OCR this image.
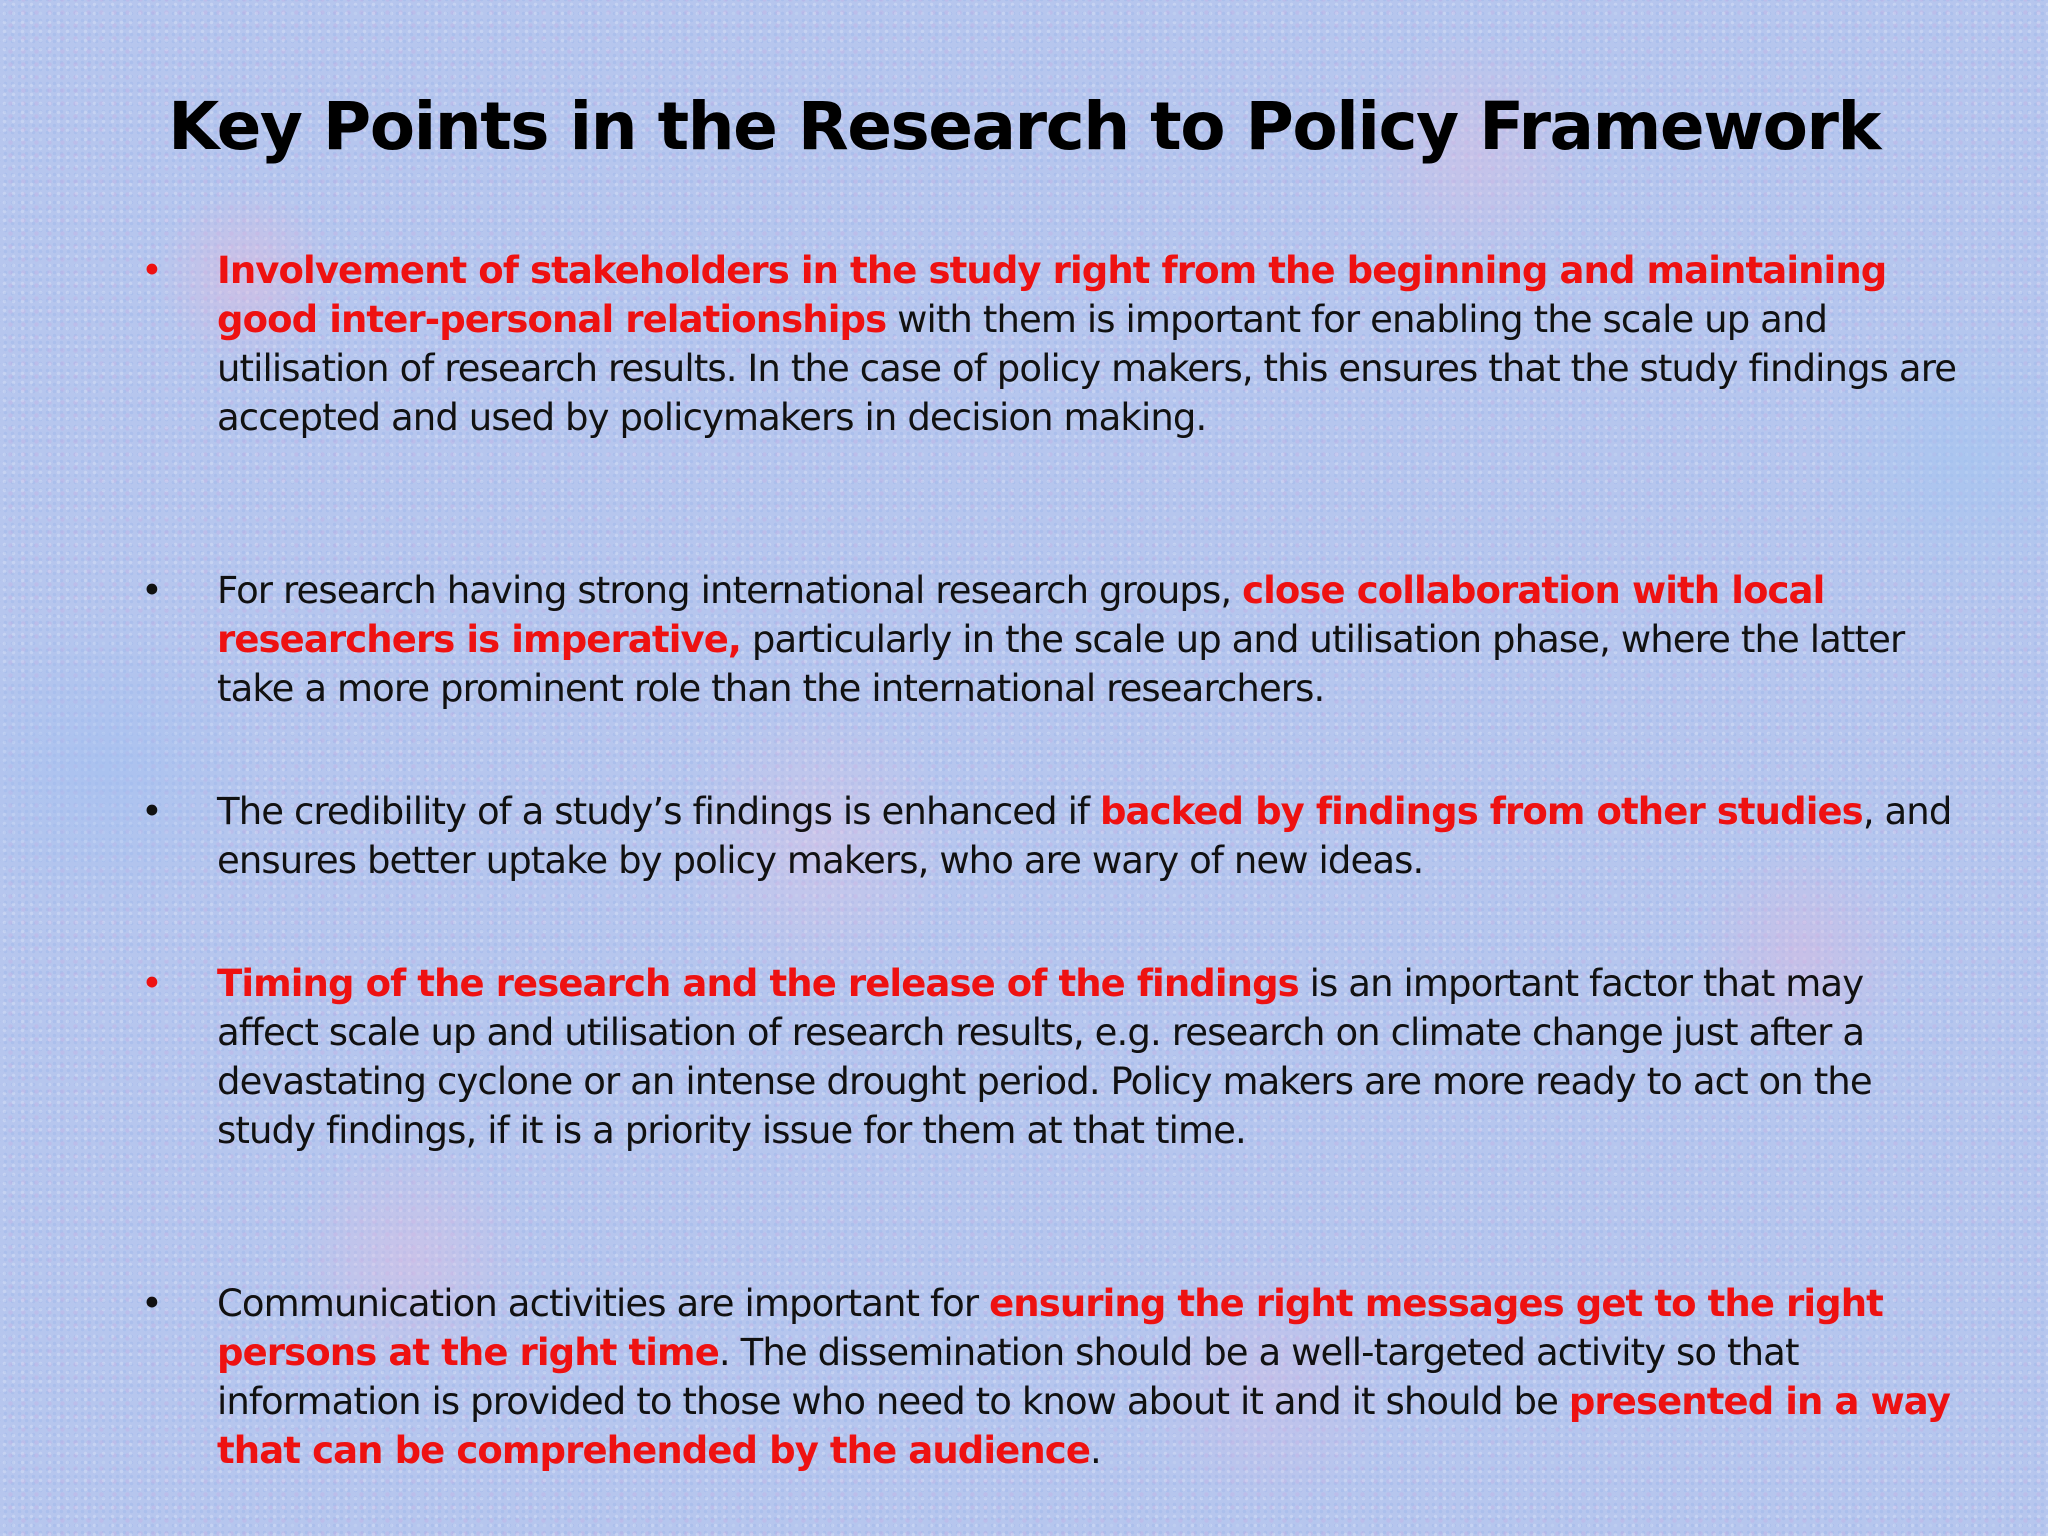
Key Points in the Research to Policy Framework
• Involvement of stakeholders in the study right from the beginning and maintaining good inter-personal relationships with them is important for enabling the scale up and utilisation of research results. In the case of policy makers, this ensures that the study findings are accepted and used by policymakers in decision making.
• For research having strong international research groups, close collaboration with local researchers is imperative, particularly in the scale up and utilisation phase, where the latter take a more prominent role than the international researchers.
• The credibility of a study’s findings is enhanced if backed by findings from other studies, and ensures better uptake by policy makers, who are wary of new ideas.
• Timing of the research and the release of the findings is an important factor that may affect scale up and utilisation of research results, e.g. research on climate change just after a devastating cyclone or an intense drought period. Policy makers are more ready to act on the study findings, if it is a priority issue for them at that time.
• Communication activities are important for ensuring the right messages get to the right persons at the right time. The dissemination should be a well-targeted activity so that information is provided to those who need to know about it and it should be presented in a way that can be comprehended by the audience.
